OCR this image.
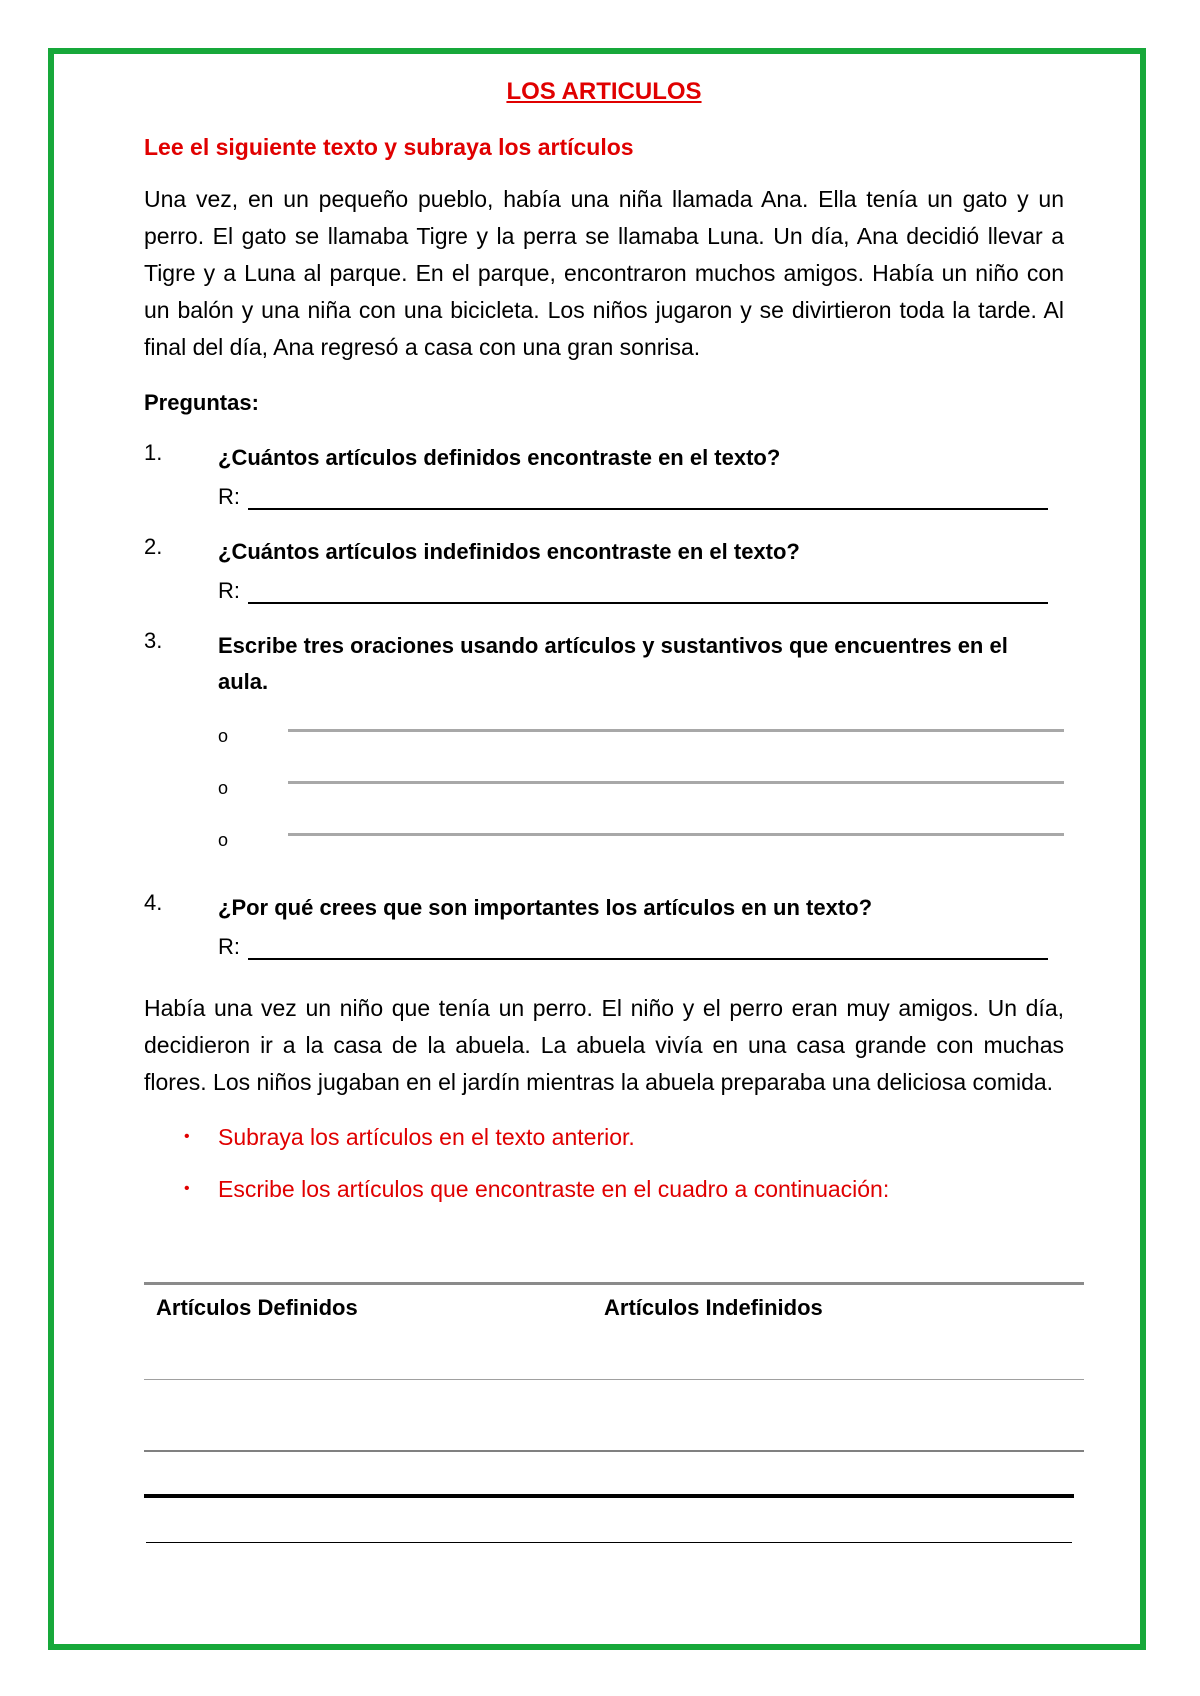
LOS ARTICULOS
Lee el siguiente texto y subraya los artículos

Una vez, en un pequeño pueblo, había una niña llamada Ana. Ella tenía un gato y un perro. El gato se llamaba Tigre y la perra se llamaba Luna. Un día, Ana decidió llevar a Tigre y a Luna al parque. En el parque, encontraron muchos amigos. Había un niño con un balón y una niña con una bicicleta. Los niños jugaron y se divirtieron toda la tarde. Al final del día, Ana regresó a casa con una gran sonrisa.

Preguntas:
1.	¿Cuántos artículos definidos encontraste en el texto?
R:
2.	¿Cuántos artículos indefinidos encontraste en el texto?
R:
3.	Escribe tres oraciones usando artículos y sustantivos que encuentres en el aula.
o
o
o
4.	¿Por qué crees que son importantes los artículos en un texto?
R:

Había una vez un niño que tenía un perro. El niño y el perro eran muy amigos. Un día, decidieron ir a la casa de la abuela. La abuela vivía en una casa grande con muchas flores. Los niños jugaban en el jardín mientras la abuela preparaba una deliciosa comida.

• Subraya los artículos en el texto anterior.
• Escribe los artículos que encontraste en el cuadro a continuación:
Artículos Definidos	Artículos Indefinidos
